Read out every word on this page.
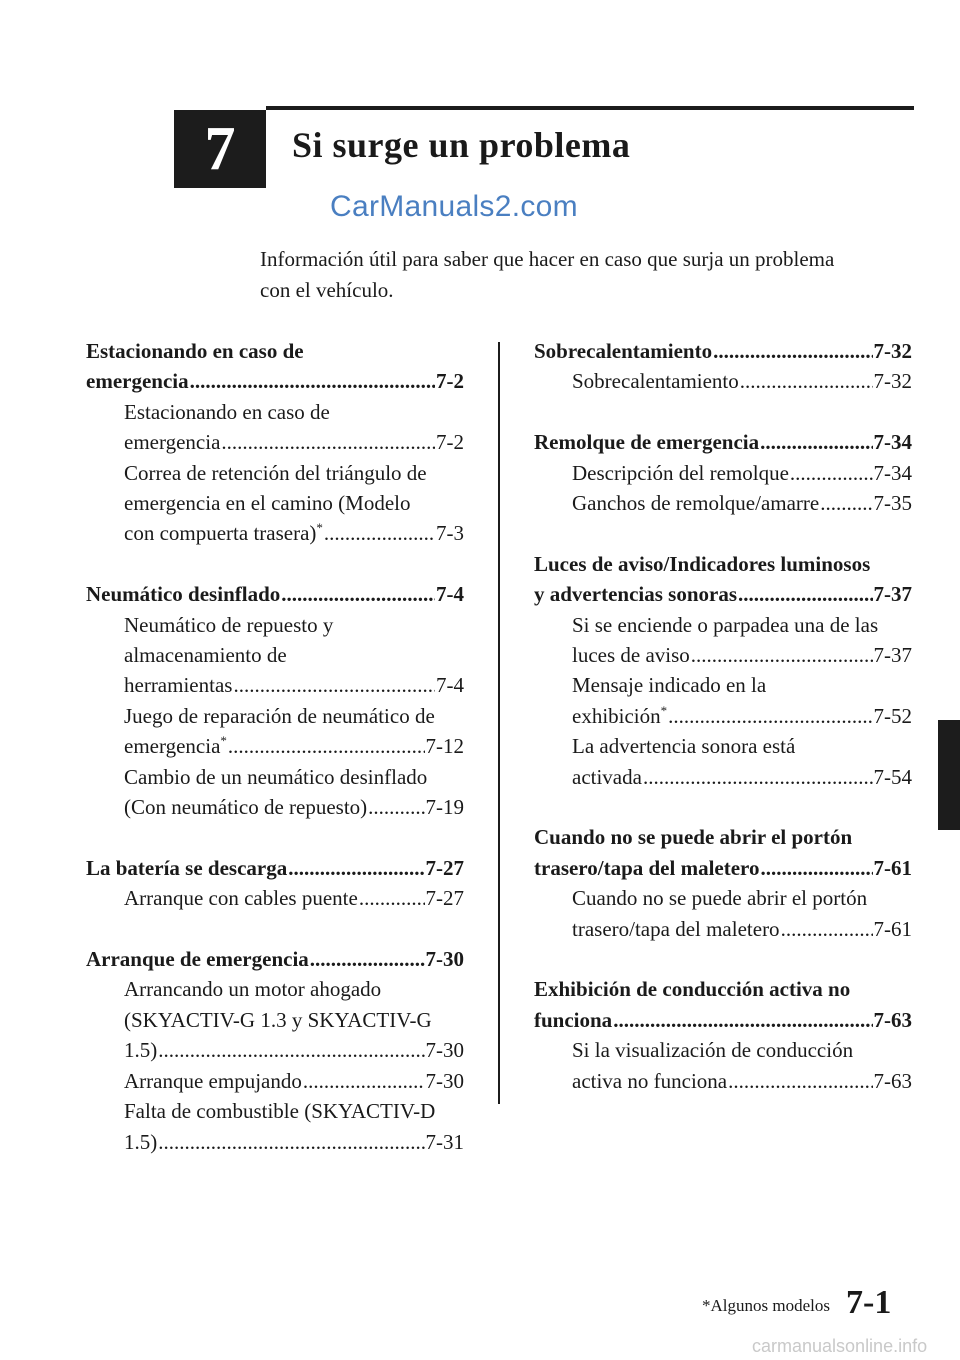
7 Si surge un problema
CarManuals2.com
Información útil para saber que hacer en caso que surja un problema
con el vehículo.
Estacionando en caso de
emergencia .....	7-2
Estacionando en caso de
emergencia .....	7-2
Correa de retención del triángulo de
emergencia en el camino (Modelo
con compuerta trasera)* .....	7-3
Neumático desinflado .....	7-4
Neumático de repuesto y
almacenamiento de
herramientas .....	7-4
Juego de reparación de neumático de
emergencia* .....	7-12
Cambio de un neumático desinflado
(Con neumático de repuesto) .....	7-19
La batería se descarga .....	7-27
Arranque con cables puente .....	7-27
Arranque de emergencia .....	7-30
Arrancando un motor ahogado
(SKYACTIV-G 1.3 y SKYACTIV-G
1.5) .....	7-30
Arranque empujando .....	7-30
Falta de combustible (SKYACTIV-D
1.5) .....	7-31
Sobrecalentamiento .....	7-32
Sobrecalentamiento .....	7-32
Remolque de emergencia .....	7-34
Descripción del remolque .....	7-34
Ganchos de remolque/amarre .....	7-35
Luces de aviso/Indicadores luminosos
y advertencias sonoras .....	7-37
Si se enciende o parpadea una de las
luces de aviso .....	7-37
Mensaje indicado en la
exhibición* .....	7-52
La advertencia sonora está
activada .....	7-54
Cuando no se puede abrir el portón
trasero/tapa del maletero .....	7-61
Cuando no se puede abrir el portón
trasero/tapa del maletero .....	7-61
Exhibición de conducción activa no
funciona .....	7-63
Si la visualización de conducción
activa no funciona .....	7-63
*Algunos modelos 7-1
carmanualsonline.info
